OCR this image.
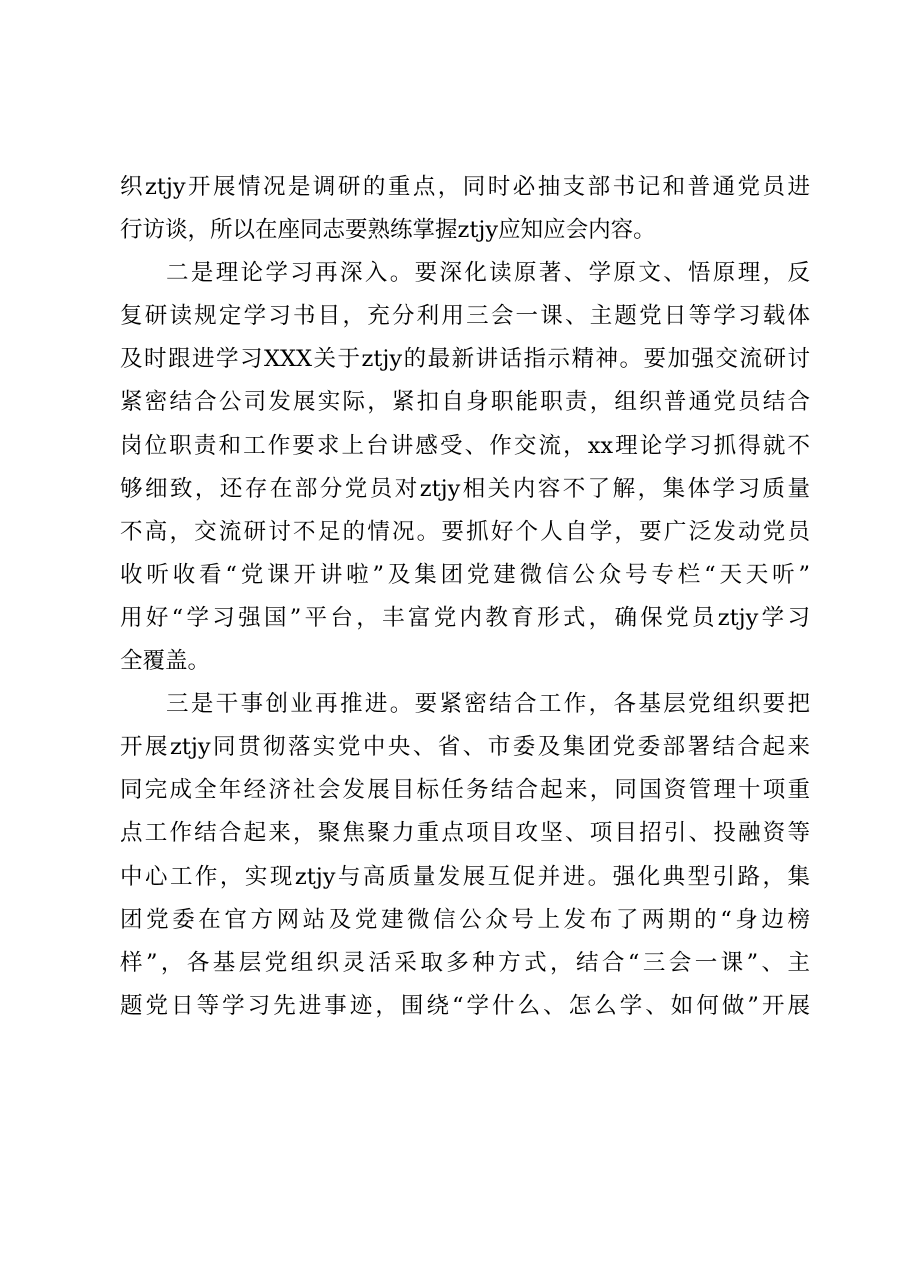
织ztjy开展情况是调研的重点，同时必抽支部书记和普通党员进
行访谈，所以在座同志要熟练掌握ztjy应知应会内容。
二是理论学习再深入。要深化读原著、学原文、悟原理，反
复研读规定学习书目，充分利用三会一课、主题党日等学习载体
及时跟进学习XXX关于ztjy的最新讲话指示精神。要加强交流研讨
紧密结合公司发展实际，紧扣自身职能职责，组织普通党员结合
岗位职责和工作要求上台讲感受、作交流，xx理论学习抓得就不
够细致，还存在部分党员对ztjy相关内容不了解，集体学习质量
不高，交流研讨不足的情况。要抓好个人自学，要广泛发动党员
收听收看“党课开讲啦”及集团党建微信公众号专栏“天天听”
用好“学习强国”平台，丰富党内教育形式，确保党员ztjy学习
全覆盖。
三是干事创业再推进。要紧密结合工作，各基层党组织要把
开展ztjy同贯彻落实党中央、省、市委及集团党委部署结合起来
同完成全年经济社会发展目标任务结合起来，同国资管理十项重
点工作结合起来，聚焦聚力重点项目攻坚、项目招引、投融资等
中心工作，实现ztjy与高质量发展互促并进。强化典型引路，集
团党委在官方网站及党建微信公众号上发布了两期的“身边榜
样”，各基层党组织灵活采取多种方式，结合“三会一课”、主
题党日等学习先进事迹，围绕“学什么、怎么学、如何做”开展
